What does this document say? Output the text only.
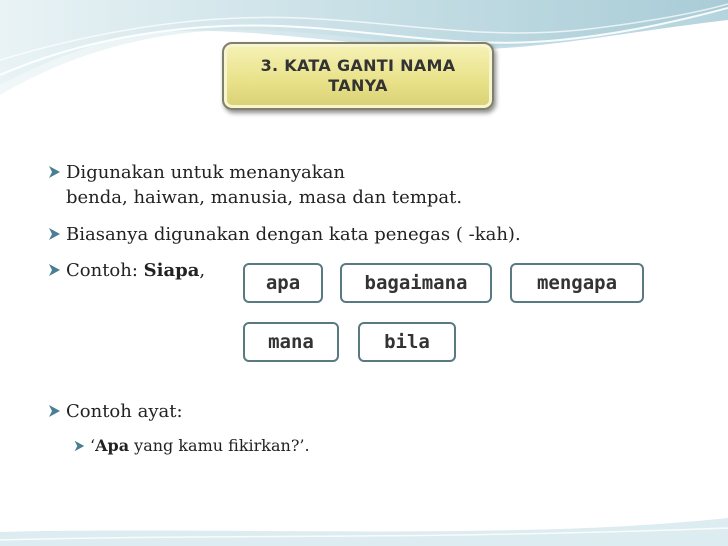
3. KATA GANTI NAMA
TANYA
Digunakan untuk menanyakan
benda, haiwan, manusia, masa dan tempat.
Biasanya digunakan dengan kata penegas ( -kah).
Contoh: Siapa,
apa	bagaimana	mengapa
mana	bila
Contoh ayat:
‘Apa yang kamu fikirkan?’.
